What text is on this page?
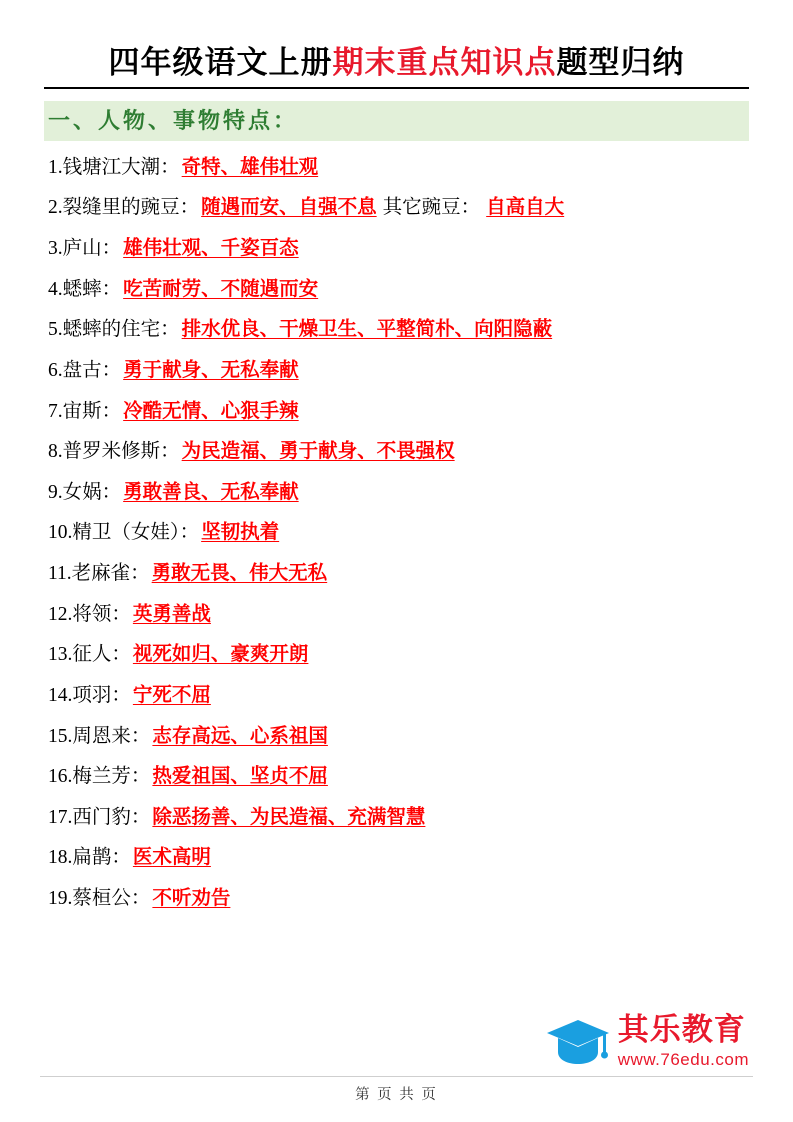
四年级语文上册期末重点知识点题型归纳
一、人物、事物特点：
1.钱塘江大潮： 奇特、雄伟壮观
2.裂缝里的豌豆： 随遇而安、自强不息 其它豌豆： 自高自大
3.庐山： 雄伟壮观、千姿百态
4.蟋蟀： 吃苦耐劳、不随遇而安
5.蟋蟀的住宅： 排水优良、干燥卫生、平整简朴、向阳隐蔽
6.盘古： 勇于献身、无私奉献
7.宙斯： 冷酷无情、心狠手辣
8.普罗米修斯： 为民造福、勇于献身、不畏强权
9.女娲： 勇敢善良、无私奉献
10.精卫（女娃）： 坚韧执着
11.老麻雀： 勇敢无畏、伟大无私
12.将领： 英勇善战
13.征人： 视死如归、豪爽开朗
14.项羽： 宁死不屈
15.周恩来： 志存高远、心系祖国
16.梅兰芳： 热爱祖国、坚贞不屈
17.西门豹： 除恶扬善、为民造福、充满智慧
18.扁鹊： 医术高明
19.蔡桓公： 不听劝告
其乐教育
www.76edu.com
第 页 共 页
